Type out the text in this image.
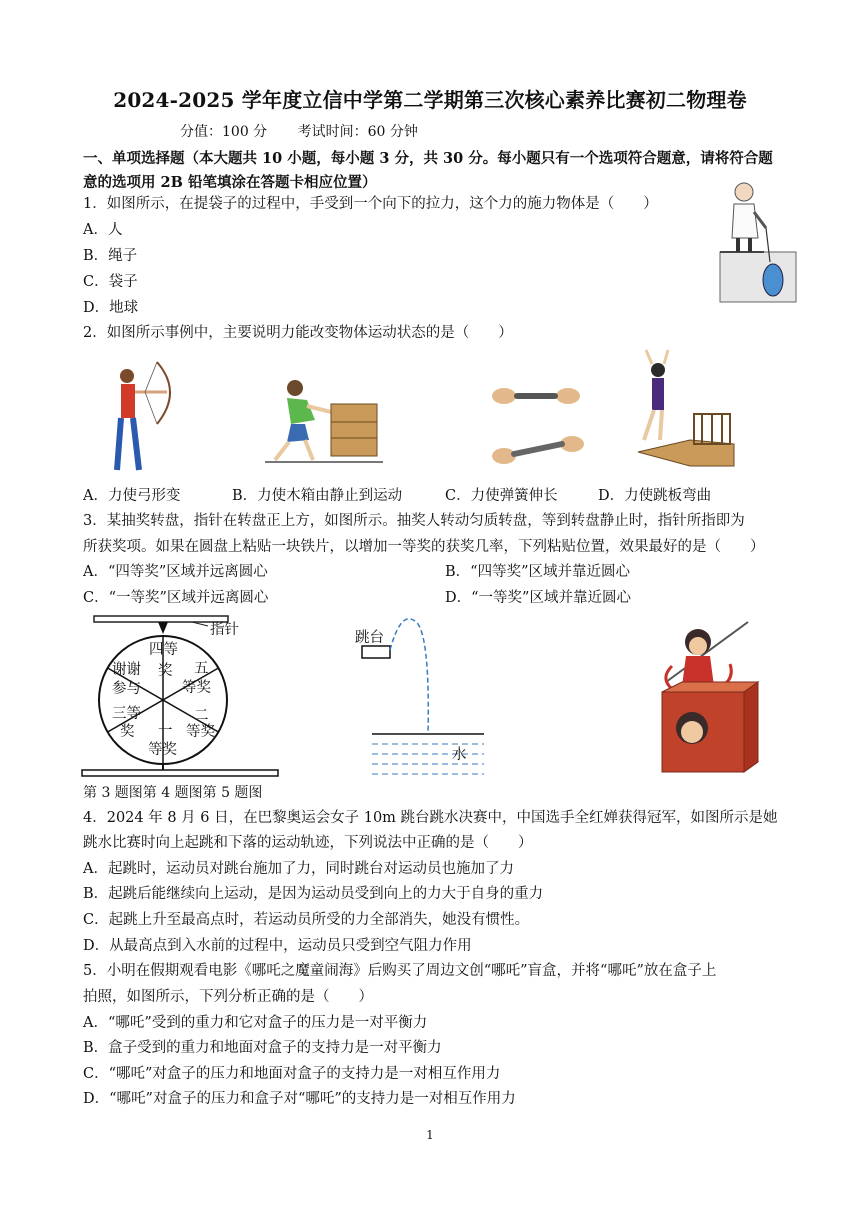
2024-2025 学年度立信中学第二学期第三次核心素养比赛初二物理卷
分值：100 分 考试时间：60 分钟
一、单项选择题（本大题共 10 小题，每小题 3 分，共 30 分。每小题只有一个选项符合题意，请将符合题意的选项用 2B 铅笔填涂在答题卡相应位置）
1．如图所示，在提袋子的过程中，手受到一个向下的拉力，这个力的施力物体是（　　）
A．人
B．绳子
C．袋子
D．地球
2．如图所示事例中，主要说明力能改变物体运动状态的是（　　）
A．力使弓形变	B．力使木箱由静止到运动	C．力使弹簧伸长	D．力使跳板弯曲
3．某抽奖转盘，指针在转盘正上方，如图所示。抽奖人转动匀质转盘，等到转盘静止时，指针所指即为
所获奖项。如果在圆盘上粘贴一块铁片，以增加一等奖的获奖几率，下列粘贴位置，效果最好的是（　　）
A．“四等奖”区域并远离圆心	B．“四等奖”区域并靠近圆心
C．“一等奖”区域并远离圆心	D．“一等奖”区域并靠近圆心
指针
四等
奖 五
等奖
二
等奖
一
等奖
三等
奖
谢谢
参与
跳台
水
第 3 题图第 4 题图第 5 题图
4．2024 年 8 月 6 日，在巴黎奥运会女子 10m 跳台跳水决赛中，中国选手全红婵获得冠军，如图所示是她
跳水比赛时向上起跳和下落的运动轨迹，下列说法中正确的是（　　）
A．起跳时，运动员对跳台施加了力，同时跳台对运动员也施加了力
B．起跳后能继续向上运动，是因为运动员受到向上的力大于自身的重力
C．起跳上升至最高点时，若运动员所受的力全部消失，她没有惯性。
D．从最高点到入水前的过程中，运动员只受到空气阻力作用
5．小明在假期观看电影《哪吒之魔童闹海》后购买了周边文创“哪吒”盲盒，并将“哪吒”放在盒子上
拍照，如图所示，下列分析正确的是（　　）
A．“哪吒”受到的重力和它对盒子的压力是一对平衡力
B．盒子受到的重力和地面对盒子的支持力是一对平衡力
C．“哪吒”对盒子的压力和地面对盒子的支持力是一对相互作用力
D．“哪吒”对盒子的压力和盒子对“哪吒”的支持力是一对相互作用力
1
